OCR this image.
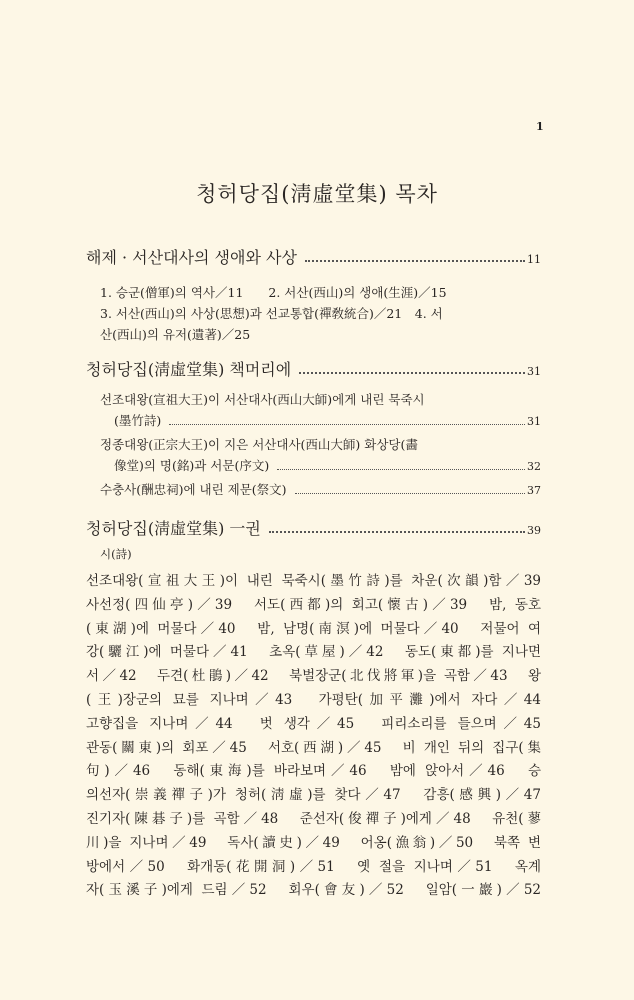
1
청허당집(淸虛堂集) 목차
해제 · 서산대사의 생애와 사상	11
1. 승군(僧軍)의 역사／11　　2. 서산(西山)의 생애(生涯)／15
3. 서산(西山)의 사상(思想)과 선교통합(禪敎統合)／21　4. 서
산(西山)의 유저(遺著)／25
청허당집(淸虛堂集) 책머리에	31
선조대왕(宣祖大王)이 서산대사(西山大師)에게 내린 묵죽시
(墨竹詩)	31
정종대왕(正宗大王)이 지은 서산대사(西山大師) 화상당(畵
像堂)의 명(銘)과 서문(序文)	32
수충사(酬忠祠)에 내린 제문(祭文)	37
청허당집(淸虛堂集) 一권	39
시(詩)
선조대왕(宣祖大王)이 내린 묵죽시(墨竹詩)를 차운(次韻)함／39
사선정(四仙亭)／39　서도(西都)의 회고(懷古)／39　밤, 동호
(東湖)에 머물다／40　밤, 남명(南溟)에 머물다／40　저물어 여
강(驪江)에 머물다／41　초옥(草屋)／42　동도(東都)를 지나면
서／42　두견(杜鵑)／42　북벌장군(北伐將軍)을 곡함／43　왕
(王)장군의 묘를 지나며／43　가평탄(加平灘)에서 자다／44
고향집을 지나며／44　벗 생각／45　피리소리를 들으며／45
관동(關東)의 회포／45　서호(西湖)／45　비 개인 뒤의 집구(集
句)／46　동해(東海)를 바라보며／46　밤에 앉아서／46　승
의선자(崇義禪子)가 청허(淸虛)를 찾다／47　감흥(感興)／47
진기자(陳碁子)를 곡함／48　준선자(俊禪子)에게／48　유천(蓼
川)을 지나며／49　독사(讀史)／49　어옹(漁翁)／50　북쪽 변
방에서／50　화개동(花開洞)／51　옛 절을 지나며／51　옥계
자(玉溪子)에게 드림／52　회우(會友)／52　일암(一巖)／52
